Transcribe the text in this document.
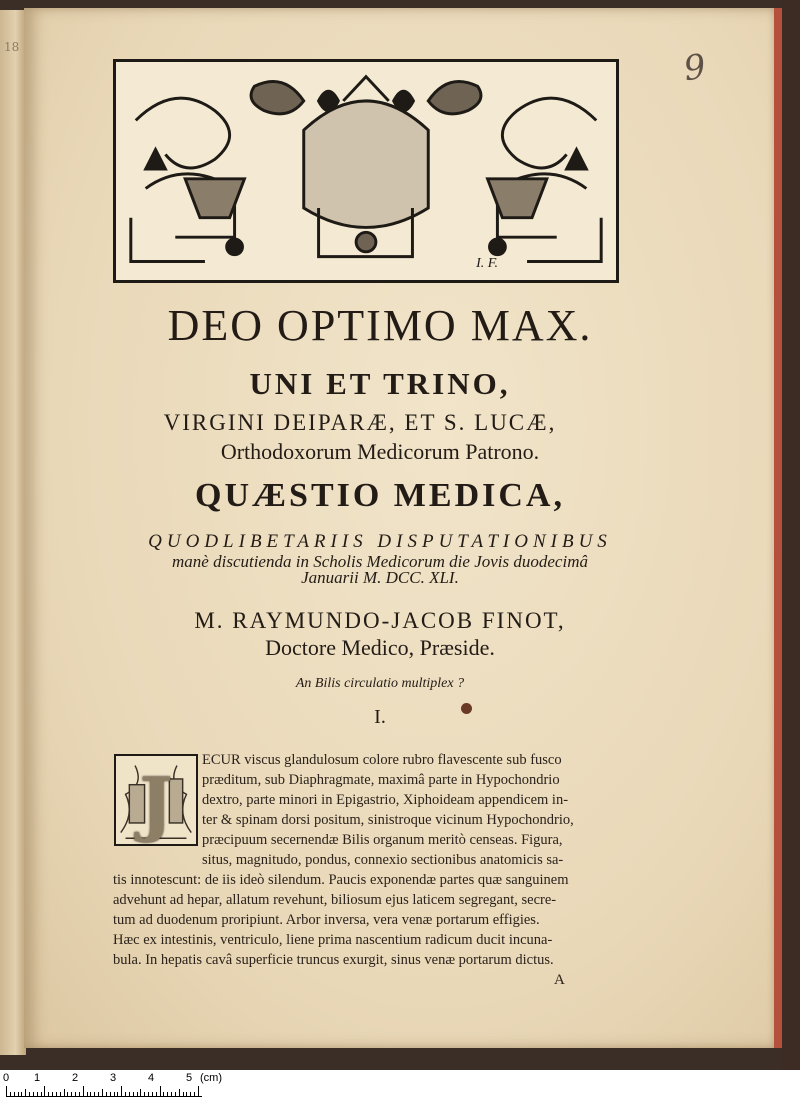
18	9
I. F.
DEO OPTIMO MAX.
UNI ET TRINO,
VIRGINI DEIPARÆ, ET S. LUCÆ,
Orthodoxorum Medicorum Patrono.
QUÆSTIO MEDICA,
QUODLIBETARIIS DISPUTATIONIBUS
manè discutienda in Scholis Medicorum die Jovis duodecimâ
Januarii M. DCC. XLI.
M. RAYMUNDO-JACOB FINOT,
Doctore Medico, Præside.
An Bilis circulatio multiplex ?
I.
J
ECUR viscus glandulosum colore rubro flavescente sub fusco
præditum, sub Diaphragmate, maximâ parte in Hypochondrio
dextro, parte minori in Epigastrio, Xiphoideam appendicem in-
ter & spinam dorsi positum, sinistroque vicinum Hypochondrio,
præcipuum secernendæ Bilis organum meritò censeas. Figura,
situs, magnitudo, pondus, connexio sectionibus anatomicis sa-
tis innotescunt: de iis ideò silendum. Paucis exponendæ partes quæ sanguinem
advehunt ad hepar, allatum revehunt, biliosum ejus laticem segregant, secre-
tum ad duodenum proripiunt. Arbor inversa, vera venæ portarum effigies.
Hæc ex intestinis, ventriculo, liene prima nascentium radicum ducit incuna-
bula. In hepatis cavâ superficie truncus exurgit, sinus venæ portarum dictus.
A
0 1	2	3	4	5 (cm)
